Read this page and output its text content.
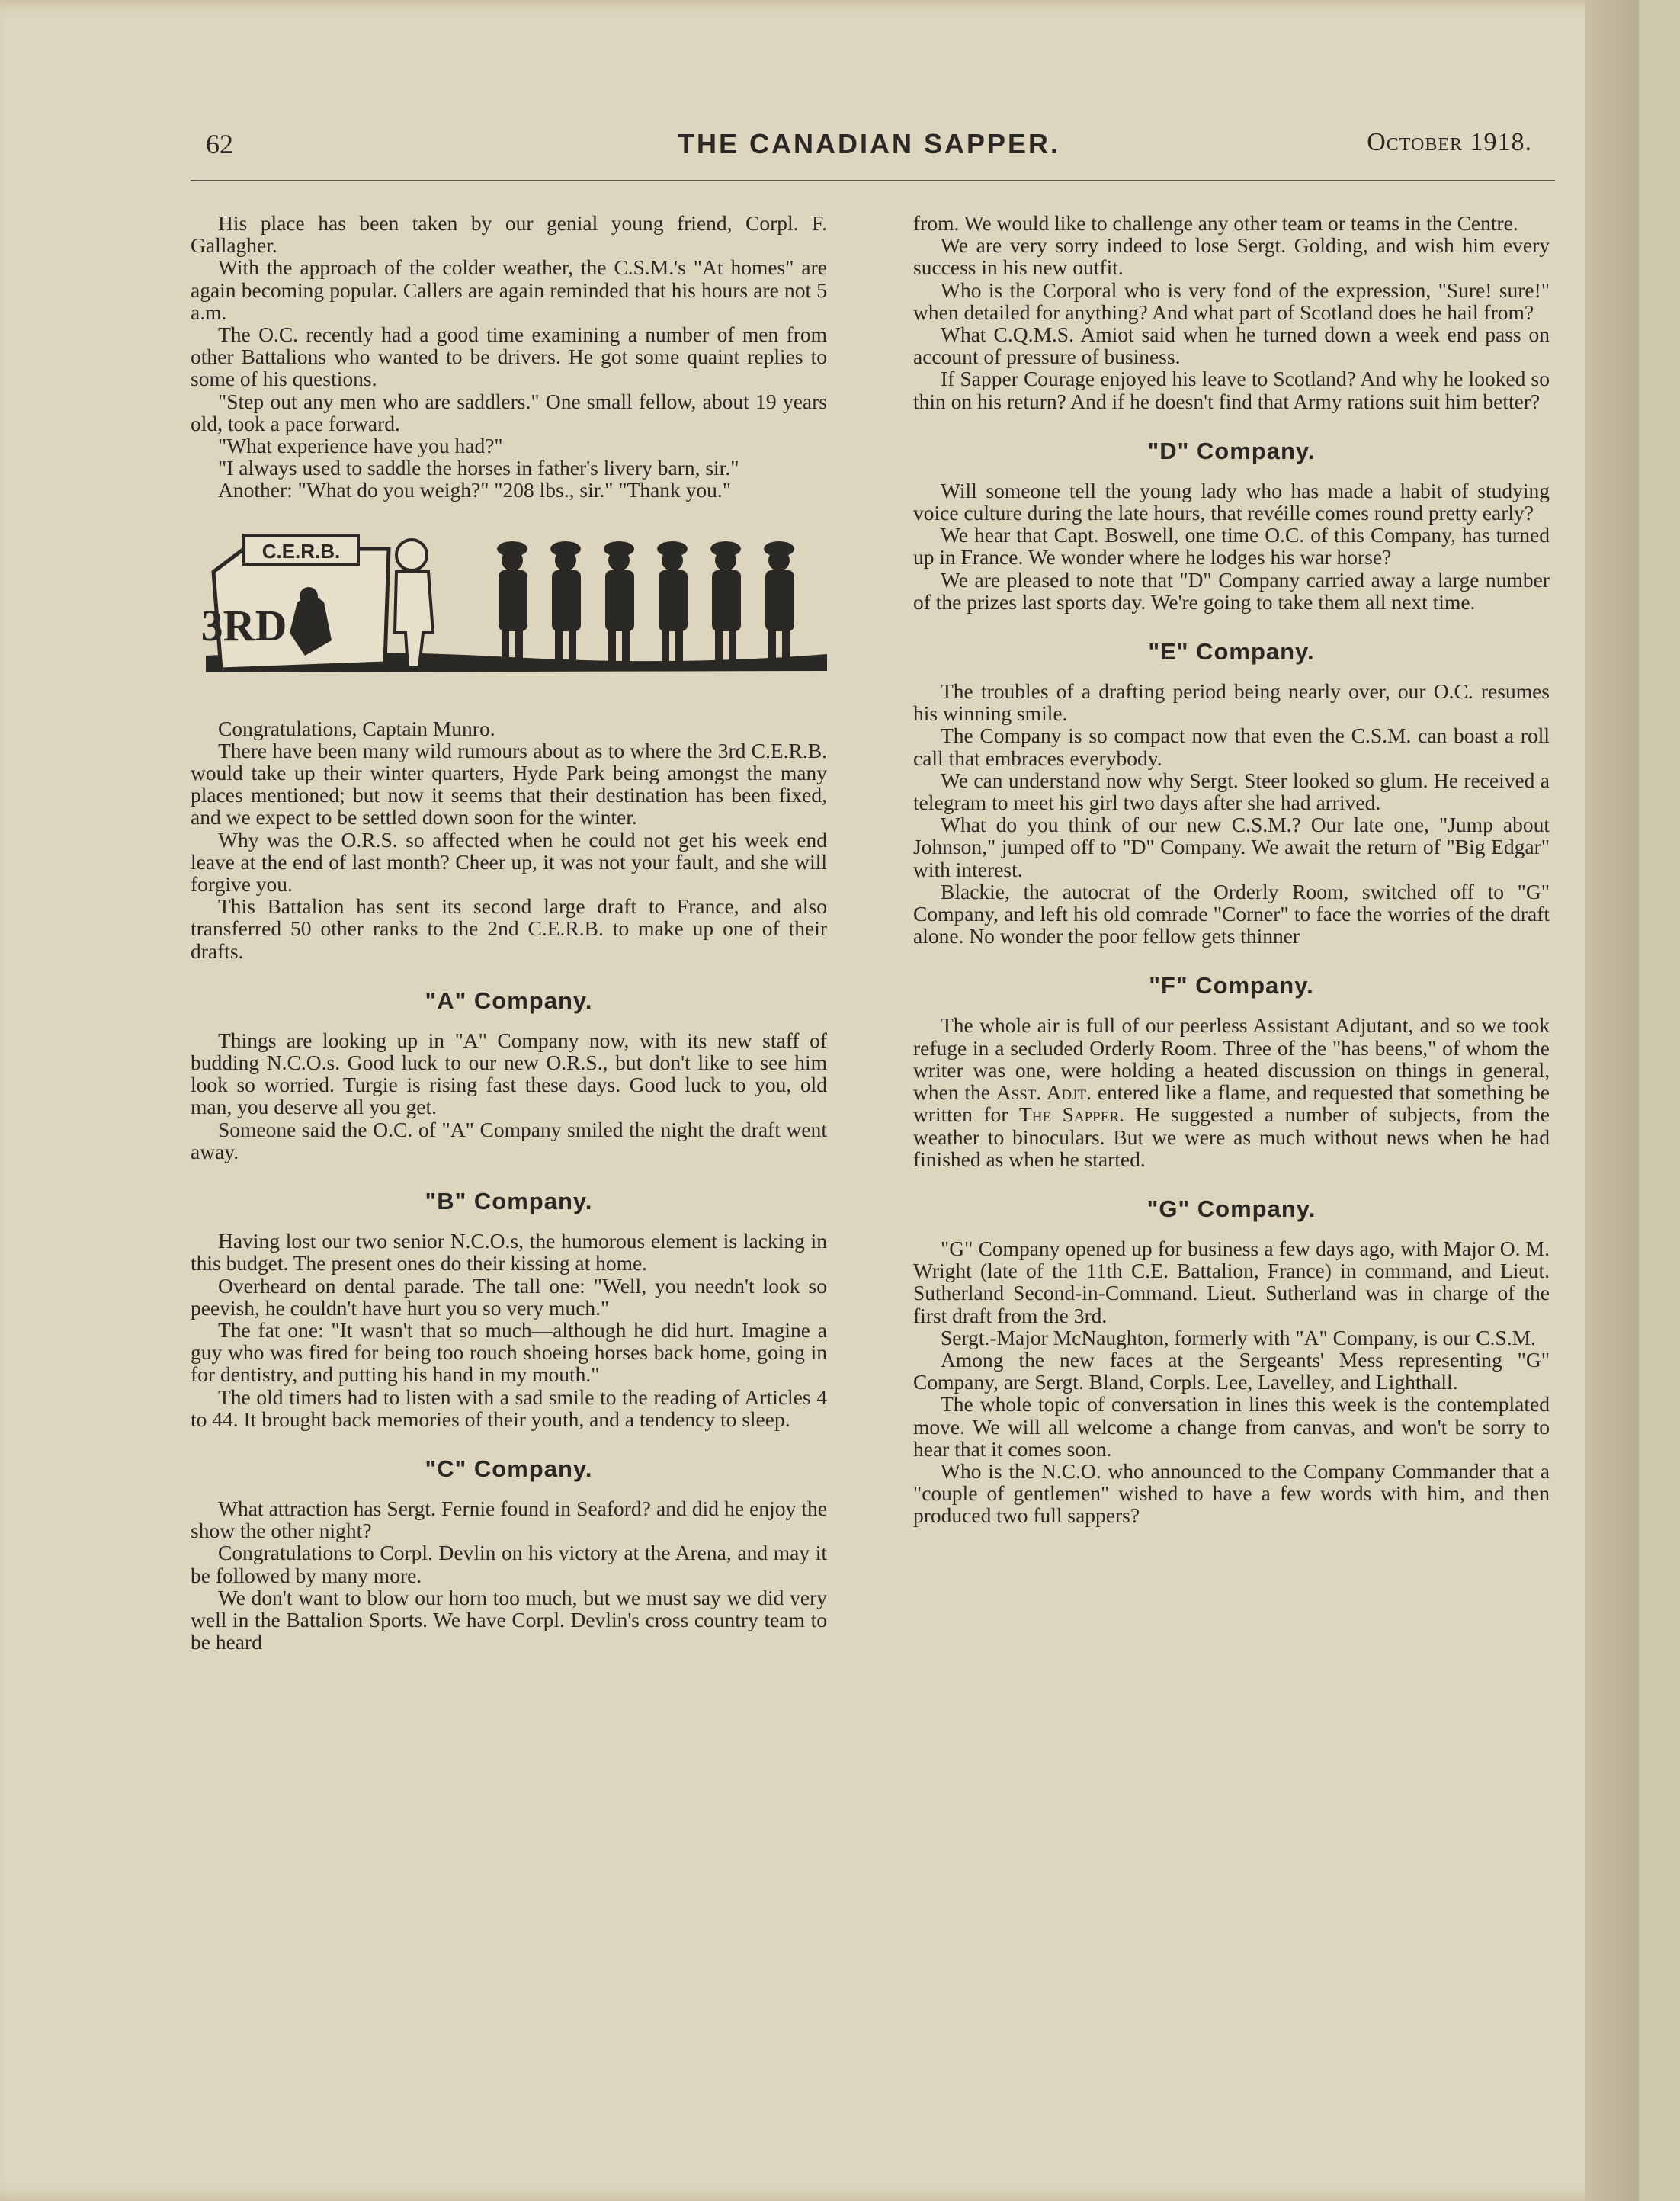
62	THE CANADIAN SAPPER.	October 1918.

His place has been taken by our genial young friend, Corpl. F. Gallagher.

With the approach of the colder weather, the C.S.M.'s "At homes" are again becoming popular. Callers are again reminded that his hours are not 5 a.m.

The O.C. recently had a good time examining a number of men from other Battalions who wanted to be drivers. He got some quaint replies to some of his questions.

"Step out any men who are saddlers." One small fellow, about 19 years old, took a pace forward.

"What experience have you had?"

"I always used to saddle the horses in father's livery barn, sir."

Another: "What do you weigh?" "208 lbs., sir." "Thank you."

C.E.R.B.
3RD

Congratulations, Captain Munro.

There have been many wild rumours about as to where the 3rd C.E.R.B. would take up their winter quarters, Hyde Park being amongst the many places mentioned; but now it seems that their destination has been fixed, and we expect to be settled down soon for the winter.

Why was the O.R.S. so affected when he could not get his week end leave at the end of last month? Cheer up, it was not your fault, and she will forgive you.

This Battalion has sent its second large draft to France, and also transferred 50 other ranks to the 2nd C.E.R.B. to make up one of their drafts.

"A" Company.

Things are looking up in "A" Company now, with its new staff of budding N.C.O.s. Good luck to our new O.R.S., but don't like to see him look so worried. Turgie is rising fast these days. Good luck to you, old man, you deserve all you get.

Someone said the O.C. of "A" Company smiled the night the draft went away.

"B" Company.

Having lost our two senior N.C.O.s, the humorous element is lacking in this budget. The present ones do their kissing at home.

Overheard on dental parade. The tall one: "Well, you needn't look so peevish, he couldn't have hurt you so very much."

The fat one: "It wasn't that so much—although he did hurt. Imagine a guy who was fired for being too rouch shoeing horses back home, going in for dentistry, and putting his hand in my mouth."

The old timers had to listen with a sad smile to the reading of Articles 4 to 44. It brought back memories of their youth, and a tendency to sleep.

"C" Company.

What attraction has Sergt. Fernie found in Seaford? and did he enjoy the show the other night?

Congratulations to Corpl. Devlin on his victory at the Arena, and may it be followed by many more.

We don't want to blow our horn too much, but we must say we did very well in the Battalion Sports. We have Corpl. Devlin's cross country team to be heard

from. We would like to challenge any other team or teams in the Centre.

We are very sorry indeed to lose Sergt. Golding, and wish him every success in his new outfit.

Who is the Corporal who is very fond of the expression, "Sure! sure!" when detailed for anything? And what part of Scotland does he hail from?

What C.Q.M.S. Amiot said when he turned down a week end pass on account of pressure of business.

If Sapper Courage enjoyed his leave to Scotland? And why he looked so thin on his return? And if he doesn't find that Army rations suit him better?

"D" Company.

Will someone tell the young lady who has made a habit of studying voice culture during the late hours, that revéille comes round pretty early?

We hear that Capt. Boswell, one time O.C. of this Company, has turned up in France. We wonder where he lodges his war horse?

We are pleased to note that "D" Company carried away a large number of the prizes last sports day. We're going to take them all next time.

"E" Company.

The troubles of a drafting period being nearly over, our O.C. resumes his winning smile.

The Company is so compact now that even the C.S.M. can boast a roll call that embraces everybody.

We can understand now why Sergt. Steer looked so glum. He received a telegram to meet his girl two days after she had arrived.

What do you think of our new C.S.M.? Our late one, "Jump about Johnson," jumped off to "D" Company. We await the return of "Big Edgar" with interest.

Blackie, the autocrat of the Orderly Room, switched off to "G" Company, and left his old comrade "Corner" to face the worries of the draft alone. No wonder the poor fellow gets thinner

"F" Company.

The whole air is full of our peerless Assistant Adjutant, and so we took refuge in a secluded Orderly Room. Three of the "has beens," of whom the writer was one, were holding a heated discussion on things in general, when the Asst. Adjt. entered like a flame, and requested that something be written for The Sapper. He suggested a number of subjects, from the weather to binoculars. But we were as much without news when he had finished as when he started.

"G" Company.

"G" Company opened up for business a few days ago, with Major O. M. Wright (late of the 11th C.E. Battalion, France) in command, and Lieut. Sutherland Second-in-Command. Lieut. Sutherland was in charge of the first draft from the 3rd.

Sergt.-Major McNaughton, formerly with "A" Company, is our C.S.M.

Among the new faces at the Sergeants' Mess representing "G" Company, are Sergt. Bland, Corpls. Lee, Lavelley, and Lighthall.

The whole topic of conversation in lines this week is the contemplated move. We will all welcome a change from canvas, and won't be sorry to hear that it comes soon.

Who is the N.C.O. who announced to the Company Commander that a "couple of gentlemen" wished to have a few words with him, and then produced two full sappers?
